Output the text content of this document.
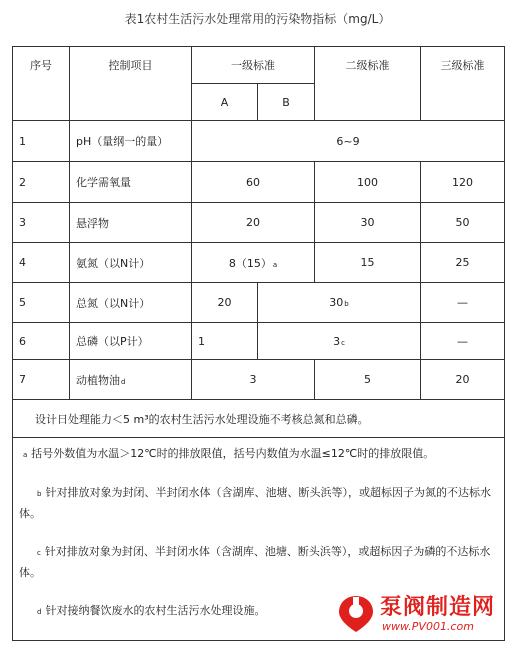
表1农村生活污水处理常用的污染物指标（mg/L）
序号	控制项目	一级标准		二级标准	三级标准
		A	B		
1	pH（量纲一的量）	6~9			
2	化学需氧量	60		100	120
3	悬浮物	20		30	50
4	氨氮（以N计）	8（15）a		15	25
5	总氮（以N计）	20	30b		—
6	总磷（以P计）	1	3c		—
7	动植物油d	3		5	20
设计日处理能力＜5 m³的农村生活污水处理设施不考核总氮和总磷。					

a 括号外数值为水温＞12℃时的排放限值，括号内数值为水温≤12℃时的排放限值。

b 针对排放对象为封闭、半封闭水体（含湖库、池塘、断头浜等），或超标因子为氮的不达标水体。

c 针对排放对象为封闭、半封闭水体（含湖库、池塘、断头浜等），或超标因子为磷的不达标水体。

d 针对接纳餐饮废水的农村生活污水处理设施。						泵阀制造网
www.PV001.com
